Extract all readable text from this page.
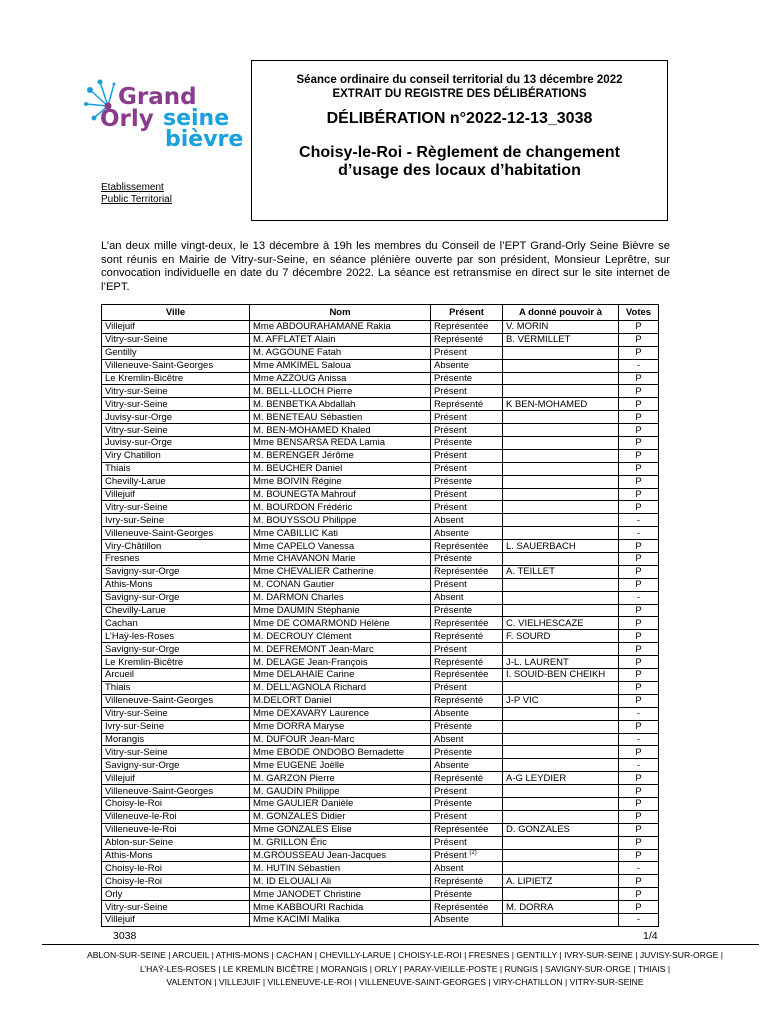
Grand
Orly seine
bièvre
Etablissement
Public Territorial
Séance ordinaire du conseil territorial du 13 décembre 2022
EXTRAIT DU REGISTRE DES DÉLIBÉRATIONS
DÉLIBÉRATION n°2022-12-13_3038
Choisy-le-Roi - Règlement de changement
d’usage des locaux d’habitation

L’an deux mille vingt-deux, le 13 décembre à 19h les membres du Conseil de l’EPT Grand-Orly Seine Bièvre se sont réunis en Mairie de Vitry-sur-Seine, en séance plénière ouverte par son président, Monsieur Leprêtre, sur convocation individuelle en date du 7 décembre 2022. La séance est retransmise en direct sur le site internet de l’EPT.

Ville	Nom	Présent	A donné pouvoir à	Votes
Villejuif	Mme ABDOURAHAMANE Rakia	Représentée	V. MORIN	P
Vitry-sur-Seine	M. AFFLATET Alain	Représenté	B. VERMILLET	P
Gentilly	M. AGGOUNE Fatah	Présent		P
Villeneuve-Saint-Georges	Mme AMKIMEL Saloua	Absente		-
Le Kremlin-Bicêtre	Mme AZZOUG Anissa	Présente		P
Vitry-sur-Seine	M. BELL-LLOCH Pierre	Présent		P
Vitry-sur-Seine	M. BENBETKA Abdallah	Représenté	K BEN-MOHAMED	P
Juvisy-sur-Orge	M. BENETEAU Sébastien	Présent		P
Vitry-sur-Seine	M. BEN-MOHAMED Khaled	Présent		P
Juvisy-sur-Orge	Mme BENSARSA REDA Lamia	Présente		P
Viry Chatillon	M. BERENGER Jérôme	Présent		P
Thiais	M. BEUCHER Daniel	Présent		P
Chevilly-Larue	Mme BOIVIN Régine	Présente		P
Villejuif	M. BOUNEGTA Mahrouf	Présent		P
Vitry-sur-Seine	M. BOURDON Frédéric	Présent		P
Ivry-sur-Seine	M. BOUYSSOU Philippe	Absent		-
Villeneuve-Saint-Georges	Mme CABILLIC Kati	Absente		-
Viry-Châtillon	Mme CAPELO Vanessa	Représentée	L. SAUERBACH	P
Fresnes	Mme CHAVANON Marie	Présente		P
Savigny-sur-Orge	Mme CHEVALIER Catherine	Représentée	A. TEILLET	P
Athis-Mons	M. CONAN Gautier	Présent		P
Savigny-sur-Orge	M. DARMON Charles	Absent		-
Chevilly-Larue	Mme DAUMIN Stéphanie	Présente		P
Cachan	Mme DE COMARMOND Hélène	Représentée	C. VIELHESCAZE	P
L’Haÿ-les-Roses	M. DECROUY Clément	Représenté	F. SOURD	P
Savigny-sur-Orge	M. DEFREMONT Jean-Marc	Présent		P
Le Kremlin-Bicêtre	M. DELAGE Jean-François	Représenté	J-L. LAURENT	P
Arcueil	Mme DELAHAIE Carine	Représentée	I. SOUID-BEN CHEIKH	P
Thiais	M. DELL’AGNOLA Richard	Présent		P
Villeneuve-Saint-Georges	M.DELORT Daniel	Représenté	J-P VIC	P
Vitry-sur-Seine	Mme DEXAVARY Laurence	Absente		-
Ivry-sur-Seine	Mme DORRA Maryse	Présente		P
Morangis	M. DUFOUR Jean-Marc	Absent		-
Vitry-sur-Seine	Mme EBODE ONDOBO Bernadette	Présente		P
Savigny-sur-Orge	Mme EUGENE Joëlle	Absente		-
Villejuif	M. GARZON Pierre	Représenté	A-G LEYDIER	P
Villeneuve-Saint-Georges	M. GAUDIN Philippe	Présent		P
Choisy-le-Roi	Mme GAULIER Danièle	Présente		P
Villeneuve-le-Roi	M. GONZALES Didier	Présent		P
Villeneuve-le-Roi	Mme GONZALES Elise	Représentée	D. GONZALES	P
Ablon-sur-Seine	M. GRILLON Éric	Présent		P
Athis-Mons	M.GROUSSEAU Jean-Jacques	Présent $^{(2)}$		P
Choisy-le-Roi	M. HUTIN Sébastien	Absent		-
Choisy-le-Roi	M. ID ELOUALI Ali	Représenté	A. LIPIETZ	P
Orly	Mme JANODET Christine	Présente		P
Vitry-sur-Seine	Mme KABBOURI Rachida	Représentée	M. DORRA	P
Villejuif	Mme KACIMI Malika	Absente		-
3038	1/4
ABLON-SUR-SEINE | ARCUEIL | ATHIS-MONS | CACHAN | CHEVILLY-LARUE | CHOISY-LE-ROI | FRESNES | GENTILLY | IVRY-SUR-SEINE | JUVISY-SUR-ORGE |
L’HAŸ-LES-ROSES | LE KREMLIN BICÊTRE | MORANGIS | ORLY | PARAY-VIEILLE-POSTE | RUNGIS | SAVIGNY-SUR-ORGE | THIAIS |
VALENTON | VILLEJUIF | VILLENEUVE-LE-ROI | VILLENEUVE-SAINT-GEORGES | VIRY-CHATILLON | VITRY-SUR-SEINE
